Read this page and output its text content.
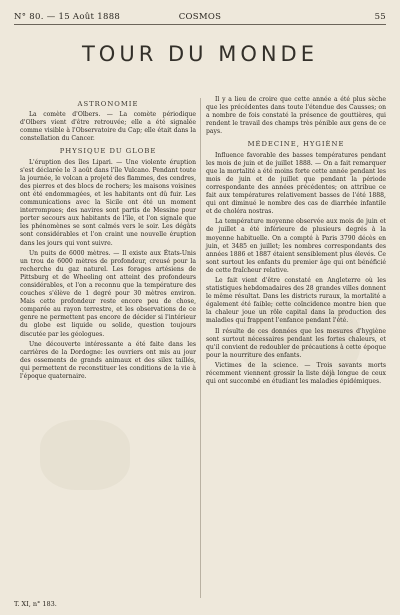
N° 80. — 15 Août 1888	COSMOS	55
TOUR DU MONDE
ASTRONOMIE

La comète d'Olbers. — La comète périodique d'Olbers vient d'être retrouvée; elle a été signalée comme visible à l'Observatoire du Cap; elle était dans la constellation du Cancer.

PHYSIQUE DU GLOBE

L'éruption des îles Lipari. — Une violente éruption s'est déclarée le 3 août dans l'île Vulcano. Pendant toute la journée, le volcan a projeté des flammes, des cendres, des pierres et des blocs de rochers; les maisons voisines ont été endommagées, et les habitants ont dû fuir. Les communications avec la Sicile ont été un moment interrompues; des navires sont partis de Messine pour porter secours aux habitants de l'île, et l'on signale que les phénomènes se sont calmés vers le soir. Les dégâts sont considérables et l'on craint une nouvelle éruption dans les jours qui vont suivre.

Un puits de 6000 mètres. — Il existe aux États-Unis un trou de 6000 mètres de profondeur, creusé pour la recherche du gaz naturel. Les forages artésiens de Pittsburg et de Wheeling ont atteint des profondeurs considérables, et l'on a reconnu que la température des couches s'élève de 1 degré pour 30 mètres environ. Mais cette profondeur reste encore peu de chose, comparée au rayon terrestre, et les observations de ce genre ne permettent pas encore de décider si l'intérieur du globe est liquide ou solide, question toujours discutée par les géologues.

Une découverte intéressante a été faite dans les carrières de la Dordogne: les ouvriers ont mis au jour des ossements de grands animaux et des silex taillés, qui permettent de reconstituer les conditions de la vie à l'époque quaternaire.

Il y a lieu de croire que cette année a été plus sèche que les précédentes dans toute l'étendue des Causses; on a nombre de fois constaté la présence de gouttières, qui rendent le travail des champs très pénible aux gens de ce pays.

MÉDECINE, HYGIÈNE

Influence favorable des basses températures pendant les mois de juin et de juillet 1888. — On a fait remarquer que la mortalité a été moins forte cette année pendant les mois de juin et de juillet que pendant la période correspondante des années précédentes; on attribue ce fait aux températures relativement basses de l'été 1888, qui ont diminué le nombre des cas de diarrhée infantile et de choléra nostras.

La température moyenne observée aux mois de juin et de juillet a été inférieure de plusieurs degrés à la moyenne habituelle. On a compté à Paris 3790 décès en juin, et 3485 en juillet; les nombres correspondants des années 1886 et 1887 étaient sensiblement plus élevés. Ce sont surtout les enfants du premier âge qui ont bénéficié de cette fraîcheur relative.

Le fait vient d'être constaté en Angleterre où les statistiques hebdomadaires des 28 grandes villes donnent le même résultat. Dans les districts ruraux, la mortalité a également été faible; cette coïncidence montre bien que la chaleur joue un rôle capital dans la production des maladies qui frappent l'enfance pendant l'été.

Il résulte de ces données que les mesures d'hygiène sont surtout nécessaires pendant les fortes chaleurs, et qu'il convient de redoubler de précautions à cette époque pour la nourriture des enfants.

Victimes de la science. — Trois savants morts récemment viennent grossir la liste déjà longue de ceux qui ont succombé en étudiant les maladies épidémiques.

T. XI, n° 183.
